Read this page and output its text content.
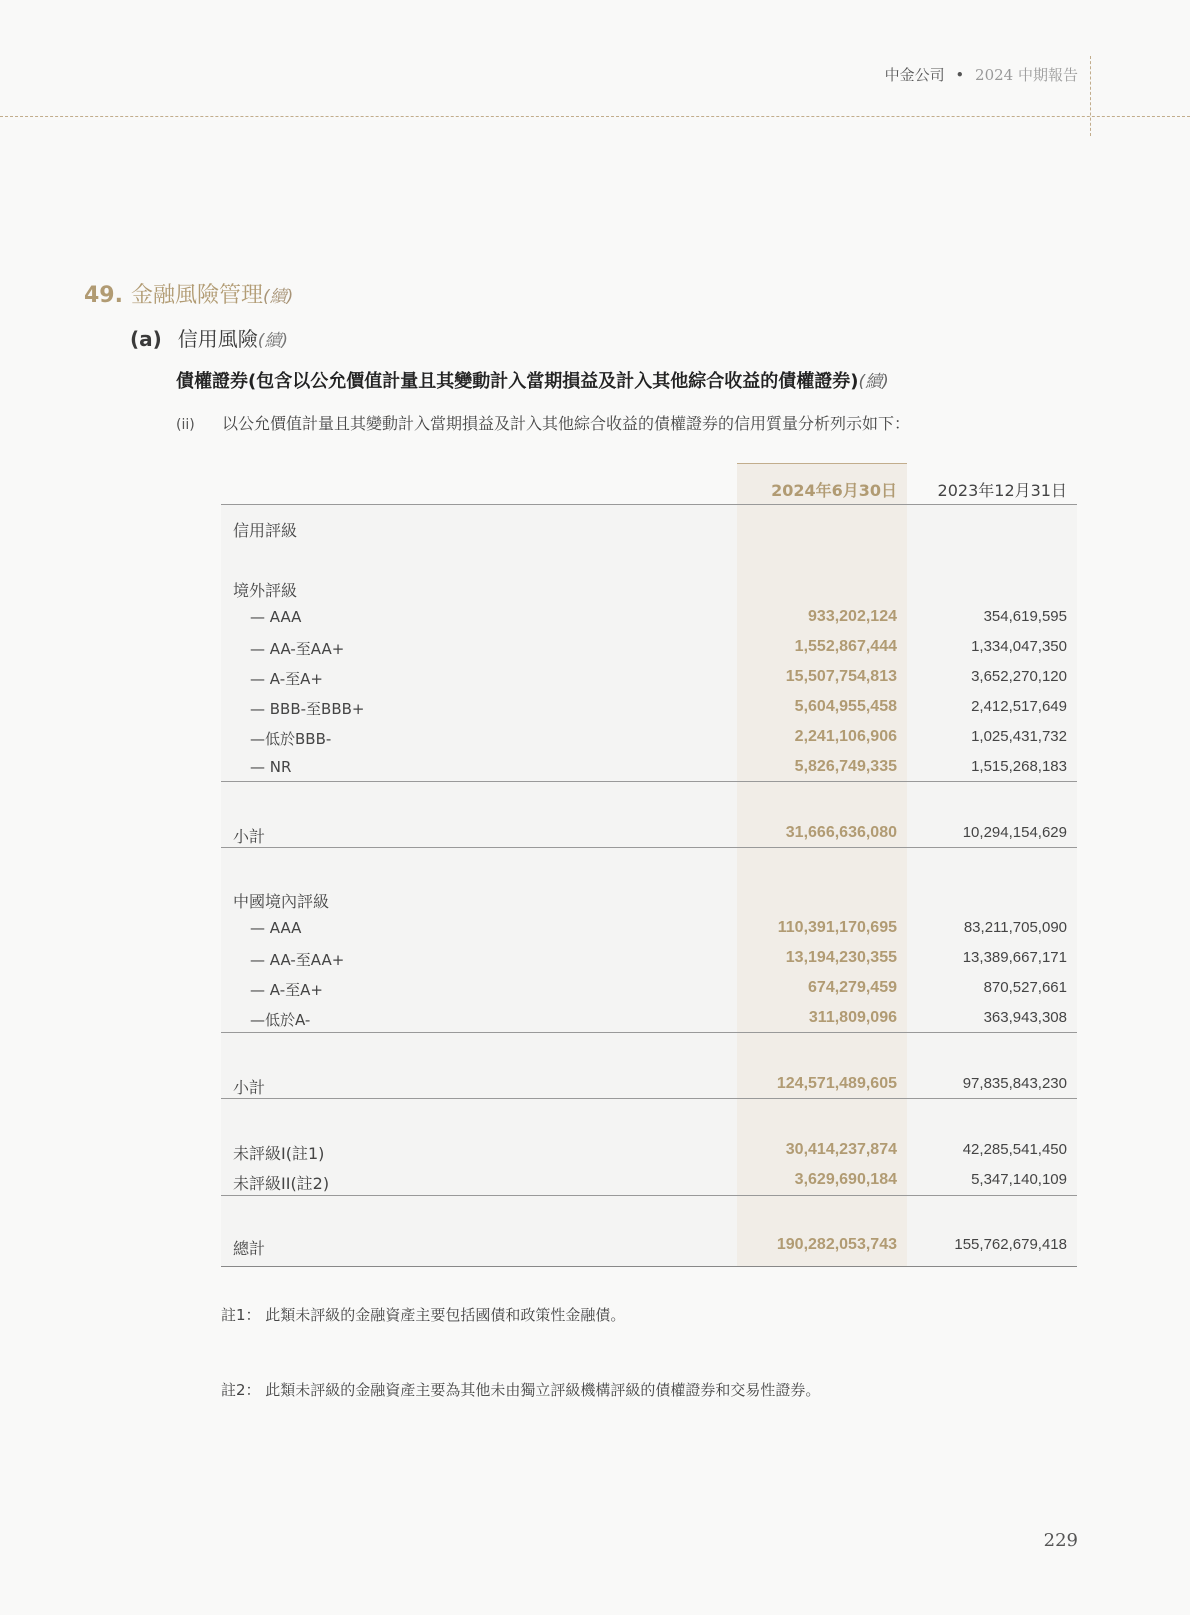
中金公司 • 2024 中期報告
49. 金融風險管理(續)
(a) 信用風險(續)
債權證券(包含以公允價值計量且其變動計入當期損益及計入其他綜合收益的債權證券)(續)
(ii) 以公允價值計量且其變動計入當期損益及計入其他綜合收益的債權證券的信用質量分析列示如下：
2024年6月30日	2023年12月31日
信用評級
境外評級
— AAA	933,202,124	354,619,595
— AA-至AA+	1,552,867,444	1,334,047,350
— A-至A+	15,507,754,813	3,652,270,120
— BBB-至BBB+	5,604,955,458	2,412,517,649
—低於BBB-	2,241,106,906	1,025,431,732
— NR	5,826,749,335	1,515,268,183
小計	31,666,636,080	10,294,154,629
中國境內評級
— AAA	110,391,170,695	83,211,705,090
— AA-至AA+	13,194,230,355	13,389,667,171
— A-至A+	674,279,459	870,527,661
—低於A-	311,809,096	363,943,308
小計	124,571,489,605	97,835,843,230
未評級I(註1)	30,414,237,874	42,285,541,450
未評級II(註2)	3,629,690,184	5,347,140,109
總計	190,282,053,743	155,762,679,418
註1： 此類未評級的金融資產主要包括國債和政策性金融債。
註2： 此類未評級的金融資產主要為其他未由獨立評級機構評級的債權證券和交易性證券。
229
